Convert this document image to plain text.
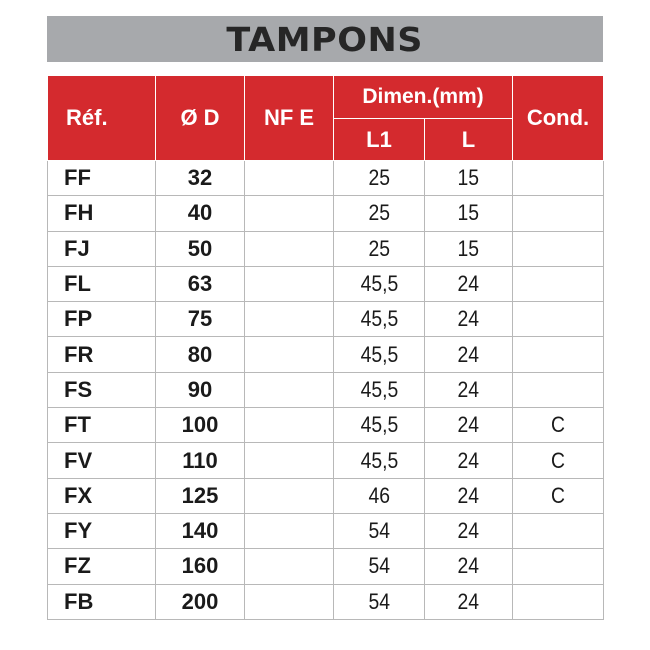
TAMPONS
Réf.	Ø D	NF E	Dimen.(mm)		Cond.
			L1	L	
FF	32		25	15	
FH	40		25	15	
FJ	50		25	15	
FL	63		45,5	24	
FP	75		45,5	24	
FR	80		45,5	24	
FS	90		45,5	24	
FT	100		45,5	24	C
FV	110		45,5	24	C
FX	125		46	24	C
FY	140		54	24	
FZ	160		54	24	
FB	200		54	24	
